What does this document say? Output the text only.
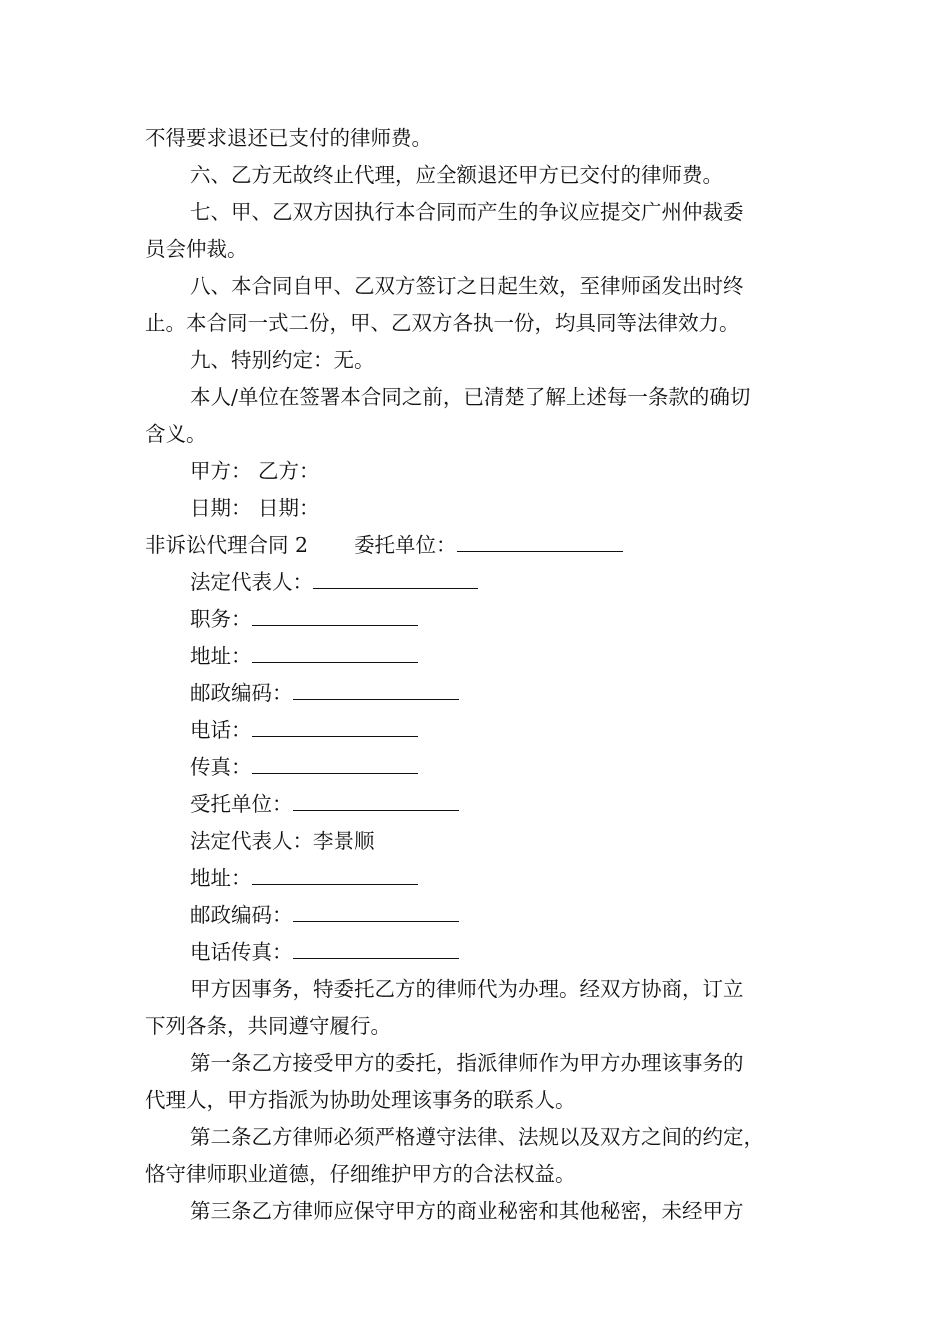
不得要求退还已支付的律师费。
六、乙方无故终止代理，应全额退还甲方已交付的律师费。
七、甲、乙双方因执行本合同而产生的争议应提交广州仲裁委
员会仲裁。
八、本合同自甲、乙双方签订之日起生效，至律师函发出时终
止。本合同一式二份，甲、乙双方各执一份，均具同等法律效力。
九、特别约定：无。
本人/单位在签署本合同之前，已清楚了解上述每一条款的确切
含义。
甲方： 乙方：
日期： 日期：
非诉讼代理合同 2 委托单位：
法定代表人：
职务：
地址：
邮政编码：
电话：
传真：
受托单位：
法定代表人：李景顺
地址：
邮政编码：
电话传真：
甲方因事务，特委托乙方的律师代为办理。经双方协商，订立
下列各条，共同遵守履行。
第一条乙方接受甲方的委托，指派律师作为甲方办理该事务的
代理人，甲方指派为协助处理该事务的联系人。
第二条乙方律师必须严格遵守法律、法规以及双方之间的约定，
恪守律师职业道德，仔细维护甲方的合法权益。
第三条乙方律师应保守甲方的商业秘密和其他秘密，未经甲方
